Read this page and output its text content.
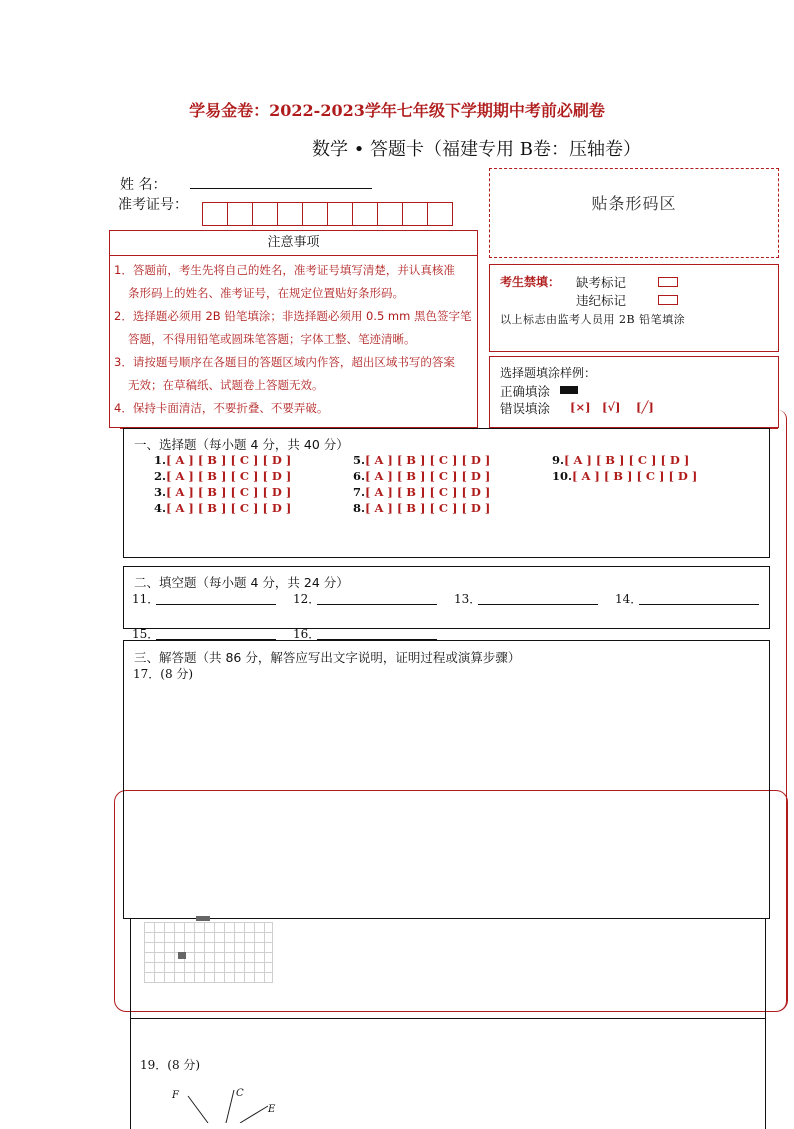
学易金卷：2022-2023学年七年级下学期期中考前必刷卷
数学 • 答题卡（福建专用 B卷：压轴卷）
姓 名：
准考证号：	贴条形码区
注意事项
1．答题前，考生先将自己的姓名，准考证号填写清楚，并认真核准
条形码上的姓名、准考证号，在规定位置贴好条形码。
2．选择题必须用 2B 铅笔填涂；非选择题必须用 0.5 mm 黑色签字笔
答题，不得用铅笔或圆珠笔答题；字体工整、笔迹清晰。
3．请按题号顺序在各题目的答题区域内作答，超出区域书写的答案
无效；在草稿纸、试题卷上答题无效。
4．保持卡面清洁，不要折叠、不要弄破。
考生禁填： 缺考标记
违纪标记
以上标志由监考人员用 2B 铅笔填涂
选择题填涂样例：
正确填涂
错误填涂 [×] [√] [╱]
一、选择题（每小题 4 分，共 40 分）
1.[ A ] [ B ] [ C ] [ D ]
2.[ A ] [ B ] [ C ] [ D ]
3.[ A ] [ B ] [ C ] [ D ]
4.[ A ] [ B ] [ C ] [ D ]
5.[ A ] [ B ] [ C ] [ D ]
6.[ A ] [ B ] [ C ] [ D ]
7.[ A ] [ B ] [ C ] [ D ]
8.[ A ] [ B ] [ C ] [ D ]
9.[ A ] [ B ] [ C ] [ D ]
10.[ A ] [ B ] [ C ] [ D ]
二、填空题（每小题 4 分，共 24 分）
11．	12．	13．	14．
15．	16．
三、解答题（共 86 分，解答应写出文字说明，证明过程或演算步骤）
17．(8 分)
19．(8 分)
F	C
E
